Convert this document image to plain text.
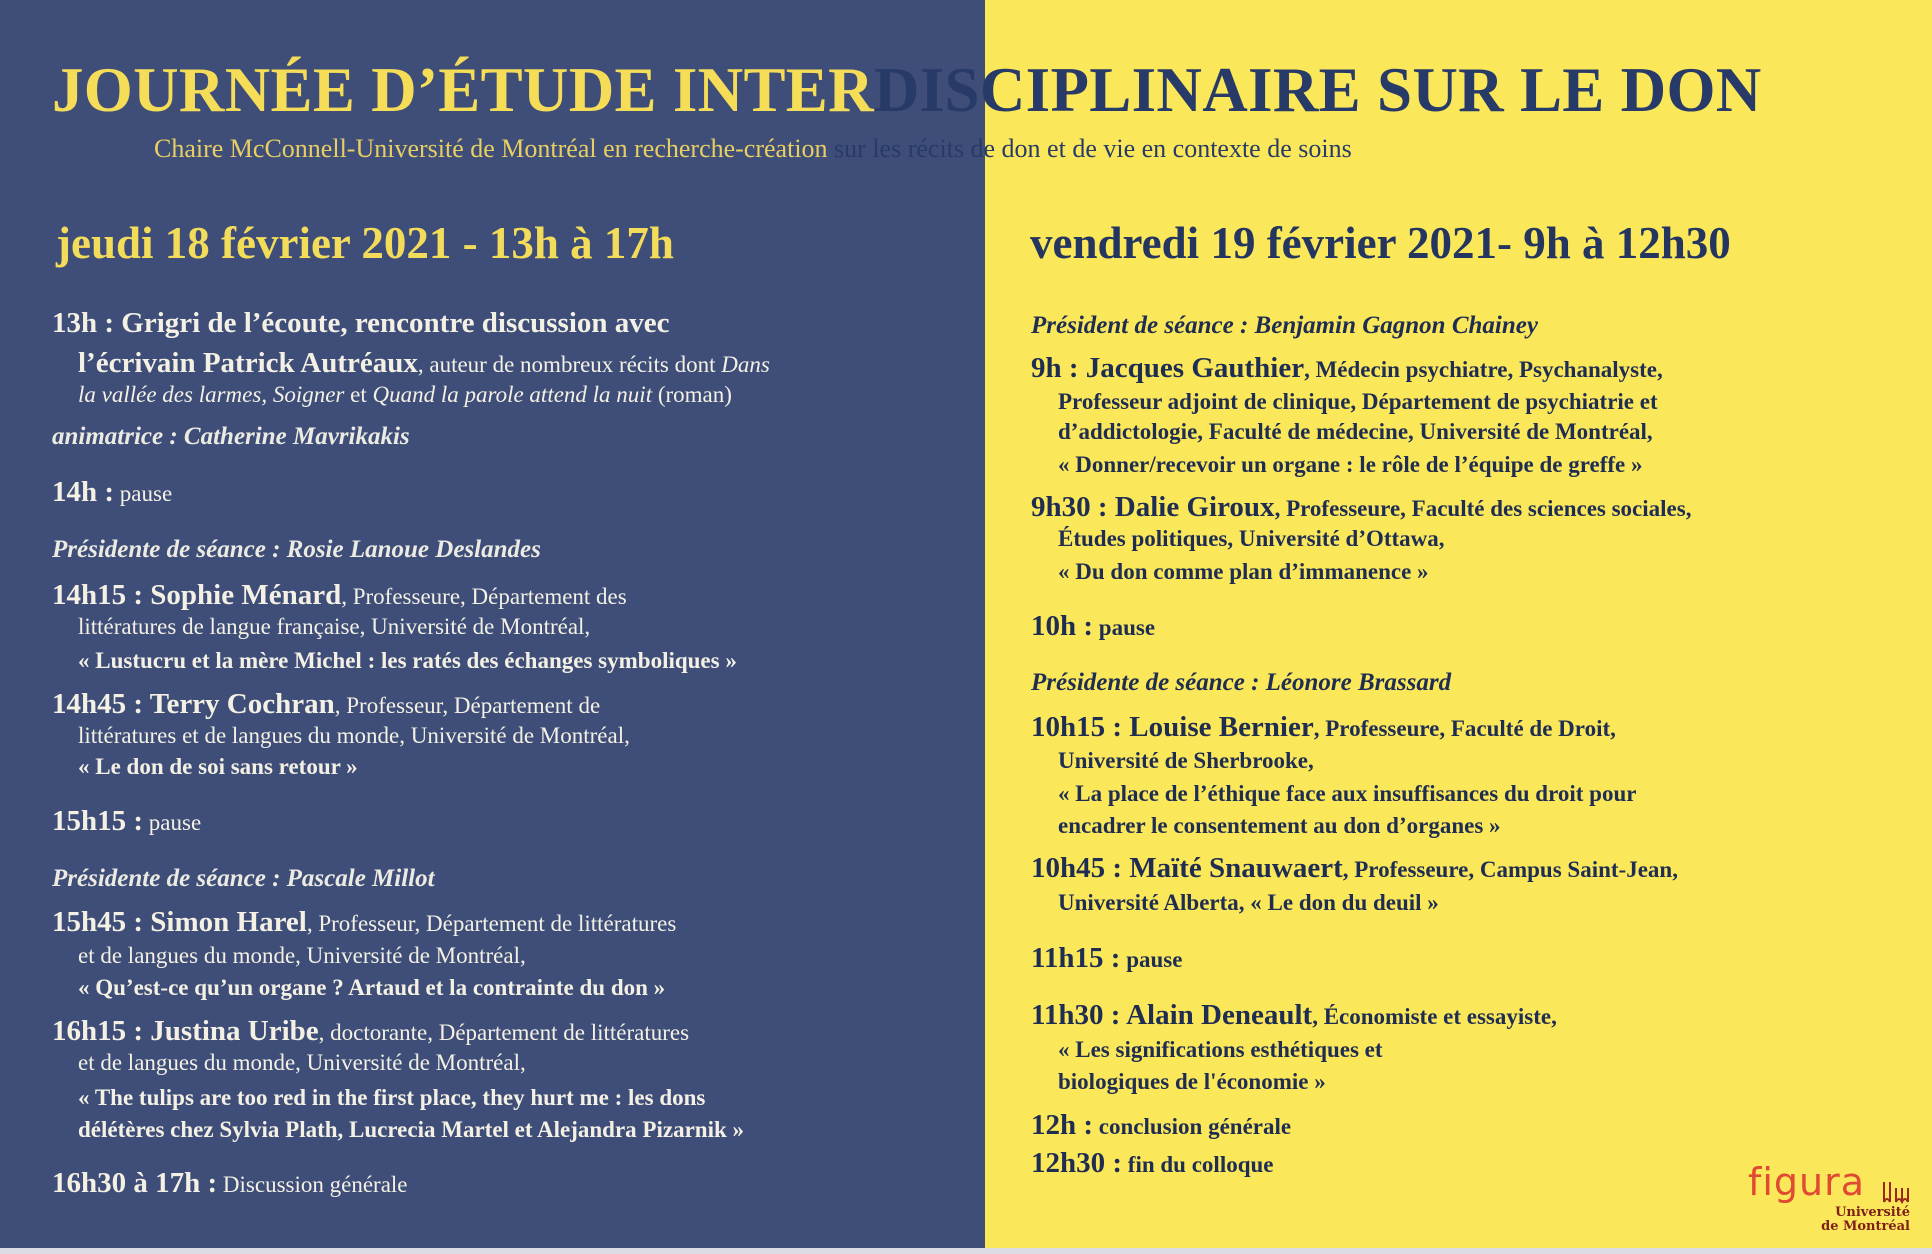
JOURNÉE D’ÉTUDE INTERDISCIPLINAIRE SUR LE DON
Chaire McConnell-Université de Montréal en recherche-création sur les récits de don et de vie en contexte de soins
jeudi 18 février 2021 - 13h à 17h	vendredi 19 février 2021- 9h à 12h30
13h : Grigri de l’écoute, rencontre discussion avec
l’écrivain Patrick Autréaux, auteur de nombreux récits dont Dans
la vallée des larmes, Soigner et Quand la parole attend la nuit (roman)
animatrice : Catherine Mavrikakis
14h : pause
Présidente de séance : Rosie Lanoue Deslandes
14h15 : Sophie Ménard, Professeure, Département des
littératures de langue française, Université de Montréal,
« Lustucru et la mère Michel : les ratés des échanges symboliques »
14h45 : Terry Cochran, Professeur, Département de
littératures et de langues du monde, Université de Montréal,
« Le don de soi sans retour »
15h15 : pause
Présidente de séance : Pascale Millot
15h45 : Simon Harel, Professeur, Département de littératures
et de langues du monde, Université de Montréal,
« Qu’est-ce qu’un organe ? Artaud et la contrainte du don »
16h15 : Justina Uribe, doctorante, Département de littératures
et de langues du monde, Université de Montréal,
« The tulips are too red in the first place, they hurt me : les dons
délétères chez Sylvia Plath, Lucrecia Martel et Alejandra Pizarnik »
16h30 à 17h : Discussion générale
Président de séance : Benjamin Gagnon Chainey
9h : Jacques Gauthier, Médecin psychiatre, Psychanalyste,
Professeur adjoint de clinique, Département de psychiatrie et
d’addictologie, Faculté de médecine, Université de Montréal,
« Donner/recevoir un organe : le rôle de l’équipe de greffe »
9h30 : Dalie Giroux, Professeure, Faculté des sciences sociales,
Études politiques, Université d’Ottawa,
« Du don comme plan d’immanence »
10h : pause
Présidente de séance : Léonore Brassard
10h15 : Louise Bernier, Professeure, Faculté de Droit,
Université de Sherbrooke,
« La place de l’éthique face aux insuffisances du droit pour
encadrer le consentement au don d’organes »
10h45 : Maïté Snauwaert, Professeure, Campus Saint-Jean,
Université Alberta, « Le don du deuil »
11h15 : pause
11h30 : Alain Deneault, Économiste et essayiste,
« Les significations esthétiques et
biologiques de l'économie »
12h : conclusion générale
12h30 : fin du colloque	figura
Université
de Montréal
